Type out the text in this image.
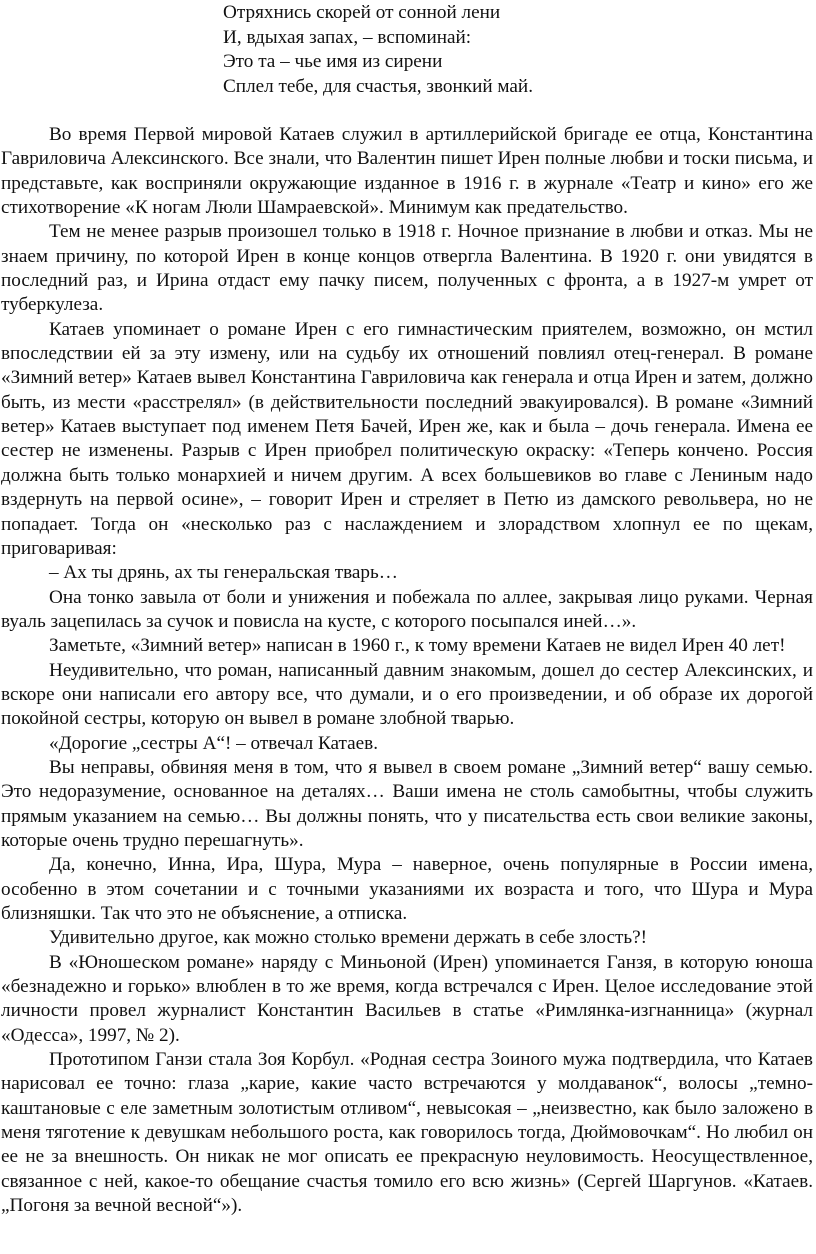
Отряхнись скорей от сонной лени
И, вдыхая запах, – вспоминай:
Это та – чье имя из сирени
Сплел тебе, для счастья, звонкий май.

Во время Первой мировой Катаев служил в артиллерийской бригаде ее отца, Константина Гавриловича Алексинского. Все знали, что Валентин пишет Ирен полные любви и тоски письма, и представьте, как восприняли окружающие изданное в 1916 г. в журнале «Театр и кино» его же стихотворение «К ногам Люли Шамраевской». Минимум как предательство.

Тем не менее разрыв произошел только в 1918 г. Ночное признание в любви и отказ. Мы не знаем причину, по которой Ирен в конце концов отвергла Валентина. В 1920 г. они увидятся в последний раз, и Ирина отдаст ему пачку писем, полученных с фронта, а в 1927-м умрет от туберкулеза.

Катаев упоминает о романе Ирен с его гимнастическим приятелем, возможно, он мстил впоследствии ей за эту измену, или на судьбу их отношений повлиял отец-генерал. В романе «Зимний ветер» Катаев вывел Константина Гавриловича как генерала и отца Ирен и затем, должно быть, из мести «расстрелял» (в действительности последний эвакуировался). В романе «Зимний ветер» Катаев выступает под именем Петя Бачей, Ирен же, как и была – дочь генерала. Имена ее сестер не изменены. Разрыв с Ирен приобрел политическую окраску: «Теперь кончено. Россия должна быть только монархией и ничем другим. А всех большевиков во главе с Лениным надо вздернуть на первой осине», – говорит Ирен и стреляет в Петю из дамского револьвера, но не попадает. Тогда он «несколько раз с наслаждением и злорадством хлопнул ее по щекам, приговаривая:

– Ах ты дрянь, ах ты генеральская тварь…

Она тонко завыла от боли и унижения и побежала по аллее, закрывая лицо руками. Черная вуаль зацепилась за сучок и повисла на кусте, с которого посыпался иней…».

Заметьте, «Зимний ветер» написан в 1960 г., к тому времени Катаев не видел Ирен 40 лет!

Неудивительно, что роман, написанный давним знакомым, дошел до сестер Алексинских, и вскоре они написали его автору все, что думали, и о его произведении, и об образе их дорогой покойной сестры, которую он вывел в романе злобной тварью.

«Дорогие „сестры А“! – отвечал Катаев.

Вы неправы, обвиняя меня в том, что я вывел в своем романе „Зимний ветер“ вашу семью. Это недоразумение, основанное на деталях… Ваши имена не столь самобытны, чтобы служить прямым указанием на семью… Вы должны понять, что у писательства есть свои великие законы, которые очень трудно перешагнуть».

Да, конечно, Инна, Ира, Шура, Мура – наверное, очень популярные в России имена, особенно в этом сочетании и с точными указаниями их возраста и того, что Шура и Мура близняшки. Так что это не объяснение, а отписка.

Удивительно другое, как можно столько времени держать в себе злость?!

В «Юношеском романе» наряду с Миньоной (Ирен) упоминается Ганзя, в которую юноша «безнадежно и горько» влюблен в то же время, когда встречался с Ирен. Целое исследование этой личности провел журналист Константин Васильев в статье «Римлянка-изгнанница» (журнал «Одесса», 1997, № 2).

Прототипом Ганзи стала Зоя Корбул. «Родная сестра Зоиного мужа подтвердила, что Катаев нарисовал ее точно: глаза „карие, какие часто встречаются у молдаванок“, волосы „темно-каштановые с еле заметным золотистым отливом“, невысокая – „неизвестно, как было заложено в меня тяготение к девушкам небольшого роста, как говорилось тогда, Дюймовочкам“. Но любил он ее не за внешность. Он никак не мог описать ее прекрасную неуловимость. Неосуществленное, связанное с ней, какое-то обещание счастья томило его всю жизнь» (Сергей Шаргунов. «Катаев. „Погоня за вечной весной“»).
